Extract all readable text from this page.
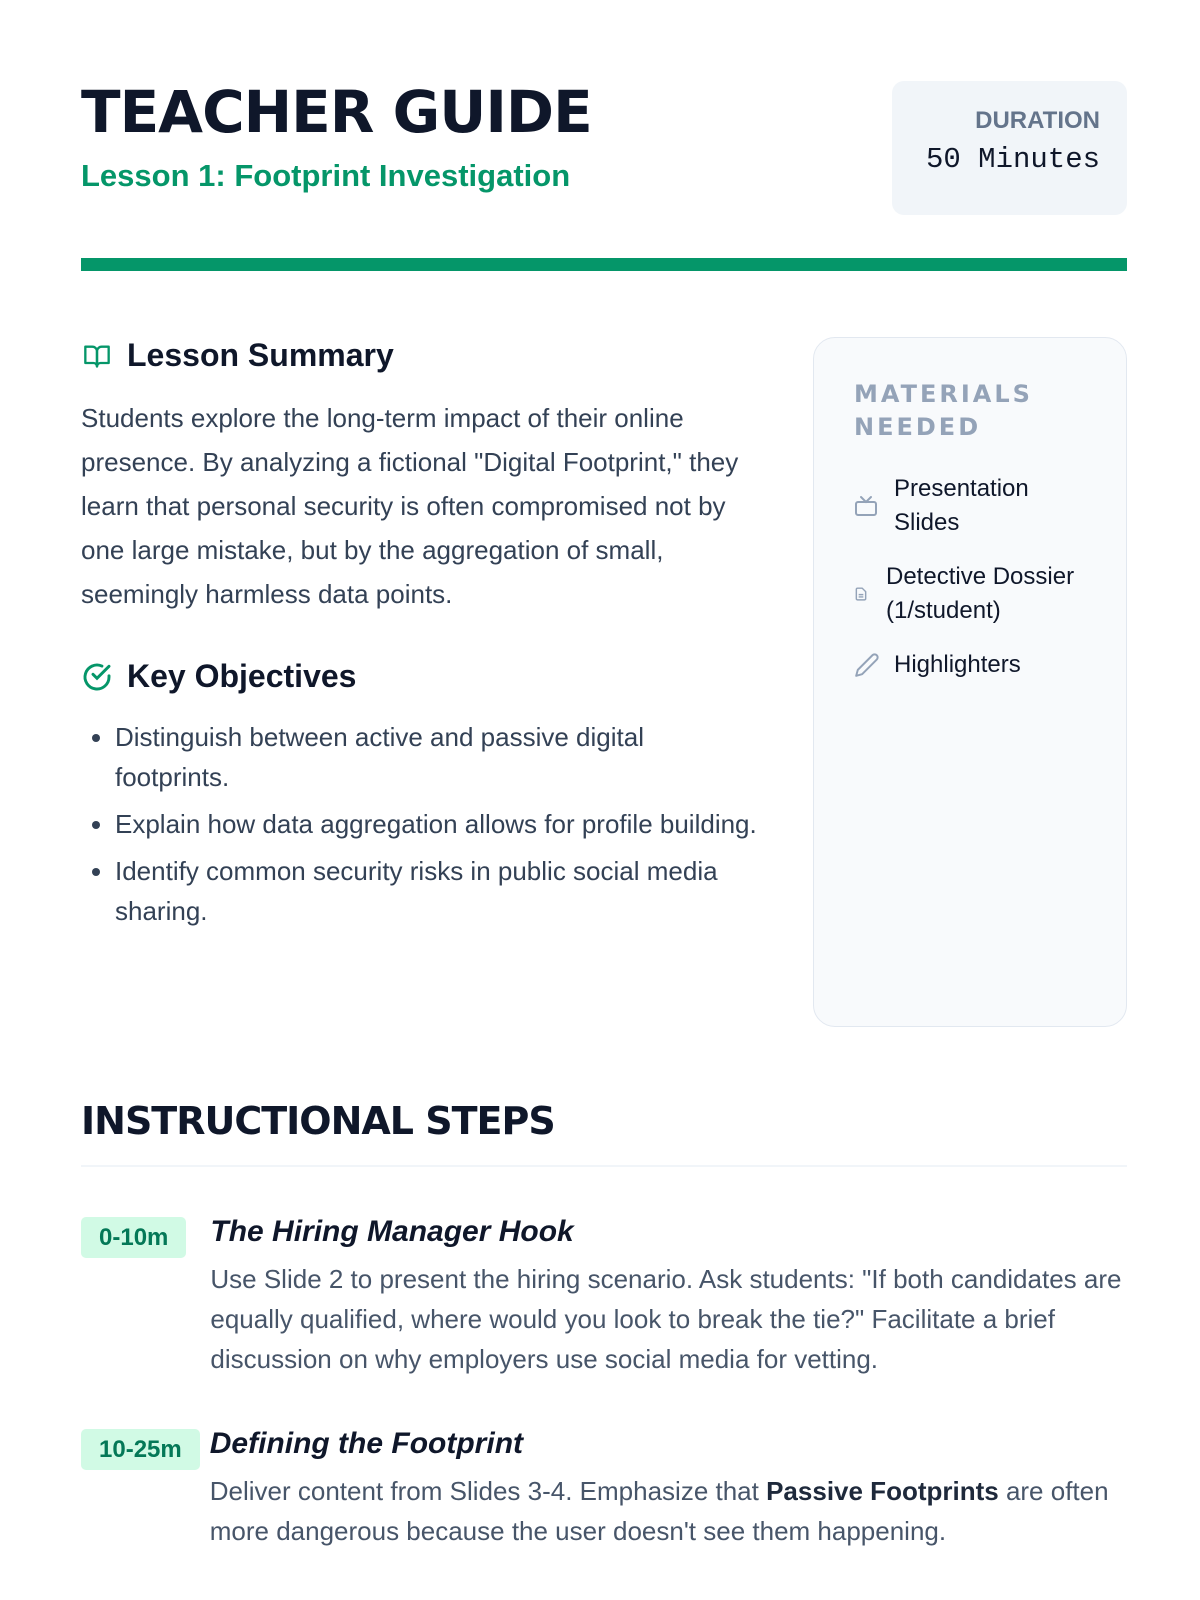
TEACHER GUIDE
Lesson 1: Footprint Investigation
DURATION
50 Minutes
Lesson Summary

Students explore the long-term impact of their online presence. By analyzing a fictional "Digital Footprint," they learn that personal security is often compromised not by one large mistake, but by the aggregation of small, seemingly harmless data points.

Key Objectives
• Distinguish between active and passive digital footprints.
• Explain how data aggregation allows for profile building.
• Identify common security risks in public social media sharing.
MATERIALS NEEDED
Presentation Slides
Detective Dossier (1/student)
Highlighters
INSTRUCTIONAL STEPS
0-10m	The Hiring Manager Hook

Use Slide 2 to present the hiring scenario. Ask students: "If both candidates are equally qualified, where would you look to break the tie?" Facilitate a brief discussion on why employers use social media for vetting.

10-25m Defining the Footprint

Deliver content from Slides 3-4. Emphasize that Passive Footprints are often more dangerous because the user doesn't see them happening.
